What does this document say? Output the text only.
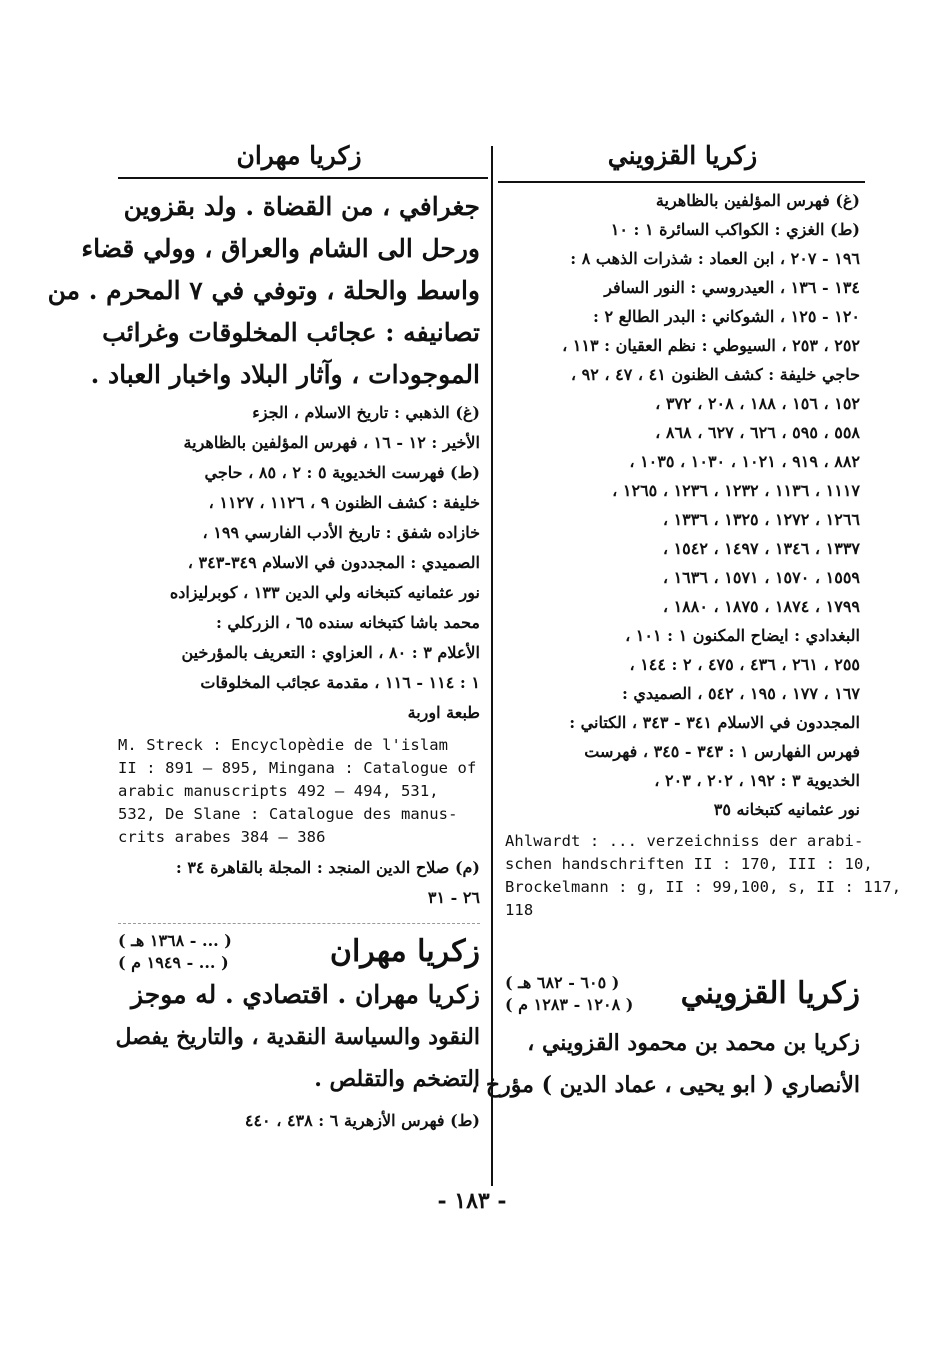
زكريا مهران	زكريا القزويني

جغرافي ، من القضاة . ولد بقزوين

ورحل الى الشام والعراق ، وولي قضاء

واسط والحلة ، وتوفي في ٧ المحرم . من

تصانيفه : عجائب المخلوقات وغرائب

الموجودات ، وآثار البلاد واخبار العباد .

(غ) الذهبي : تاريخ الاسلام ، الجزء

الأخير : ١٢ - ١٦ ، فهرس المؤلفين بالظاهرية

(ط) فهرست الخديوية ٥ : ٢ ، ٨٥ ، حاجي

خليفة : كشف الظنون ٩ ، ١١٢٦ ، ١١٢٧ ،

خازاده شفق : تاريخ الأدب الفارسي ١٩٩ ،

الصميدي : المجددون في الاسلام ٣٤٩-٣٤٣ ،

نور عثمانيه كتبخانه ولي الدين ١٣٣ ، كوبرليزاده

محمد باشا كتبخانه سنده ٦٥ ، الزركلي :

الأعلام ٣ : ٨٠ ، العزاوي : التعريف بالمؤرخين

١ : ١١٤ - ١١٦ ، مقدمة عجائب المخلوقات

طبعة اوربة

M. Streck : Encyclopèdie de l'islam
II : 891 — 895, Mingana : Catalogue of
arabic manuscripts 492 — 494, 531,
532, De Slane : Catalogue des manus-
crits arabes 384 — 386

(م) صلاح الدين المنجد : المجلة بالقاهرة ٣٤ :

٢٦ - ٣١

زكريا مهران
( ... - ١٣٦٨ هـ )
( ... - ١٩٤٩ م )

زكريا مهران . اقتصادي . له موجز

النقود والسياسة النقدية ، والتاريخ يفصل

التضخم والتقلص .

(ط) فهرس الأزهرية ٦ : ٤٣٨ ، ٤٤٠

(غ) فهرس المؤلفين بالظاهرية

(ط) الغزي : الكواكب السائرة ١ : ١٠

١٩٦ - ٢٠٧ ، ابن العماد : شذرات الذهب ٨ :

١٣٤ - ١٣٦ ، العيدروسي : النور السافر

١٢٠ - ١٢٥ ، الشوكاني : البدر الطالع ٢ :

٢٥٢ ، ٢٥٣ ، السيوطي : نظم العقيان : ١١٣ ،

حاجي خليفة : كشف الظنون ٤١ ، ٤٧ ، ٩٢ ،

١٥٢ ، ١٥٦ ، ١٨٨ ، ٢٠٨ ، ٣٧٢ ،

٥٥٨ ، ٥٩٥ ، ٦٢٦ ، ٦٢٧ ، ٨٦٨ ،

٨٨٢ ، ٩١٩ ، ١٠٢١ ، ١٠٣٠ ، ١٠٣٥ ،

١١١٧ ، ١١٣٦ ، ١٢٣٢ ، ١٢٣٦ ، ١٢٦٥ ،

١٢٦٦ ، ١٢٧٢ ، ١٣٢٥ ، ١٣٣٦ ،

١٣٣٧ ، ١٣٤٦ ، ١٤٩٧ ، ١٥٤٢ ،

١٥٥٩ ، ١٥٧٠ ، ١٥٧١ ، ١٦٣٦ ،

١٧٩٩ ، ١٨٧٤ ، ١٨٧٥ ، ١٨٨٠ ،

البغدادي : ايضاح المكنون ١ : ١٠١ ،

٢٥٥ ، ٢٦١ ، ٤٣٦ ، ٤٧٥ ، ٢ : ١٤٤ ،

١٦٧ ، ١٧٧ ، ١٩٥ ، ٥٤٢ ، الصميدي :

المجددون في الاسلام ٣٤١ - ٣٤٣ ، الكتاني :

فهرس الفهارس ١ : ٣٤٣ - ٣٤٥ ، فهرست

الخديوية ٣ : ١٩٢ ، ٢٠٢ ، ٢٠٣ ،

نور عثمانيه كتبخانه ٣٥

Ahlwardt : ... verzeichniss der arabi-
schen handschriften II : 170, III : 10,
Brockelmann : g, II : 99,100, s, II : 117,
118
زكريا القزويني
( ٦٠٥ - ٦٨٢ هـ )
( ١٢٠٨ - ١٢٨٣ م )

زكريا بن محمد بن محمود القزويني ،

الأنصاري ( ابو يحيى ، عماد الدين ) مؤرخ ،

- ١٨٣ -
